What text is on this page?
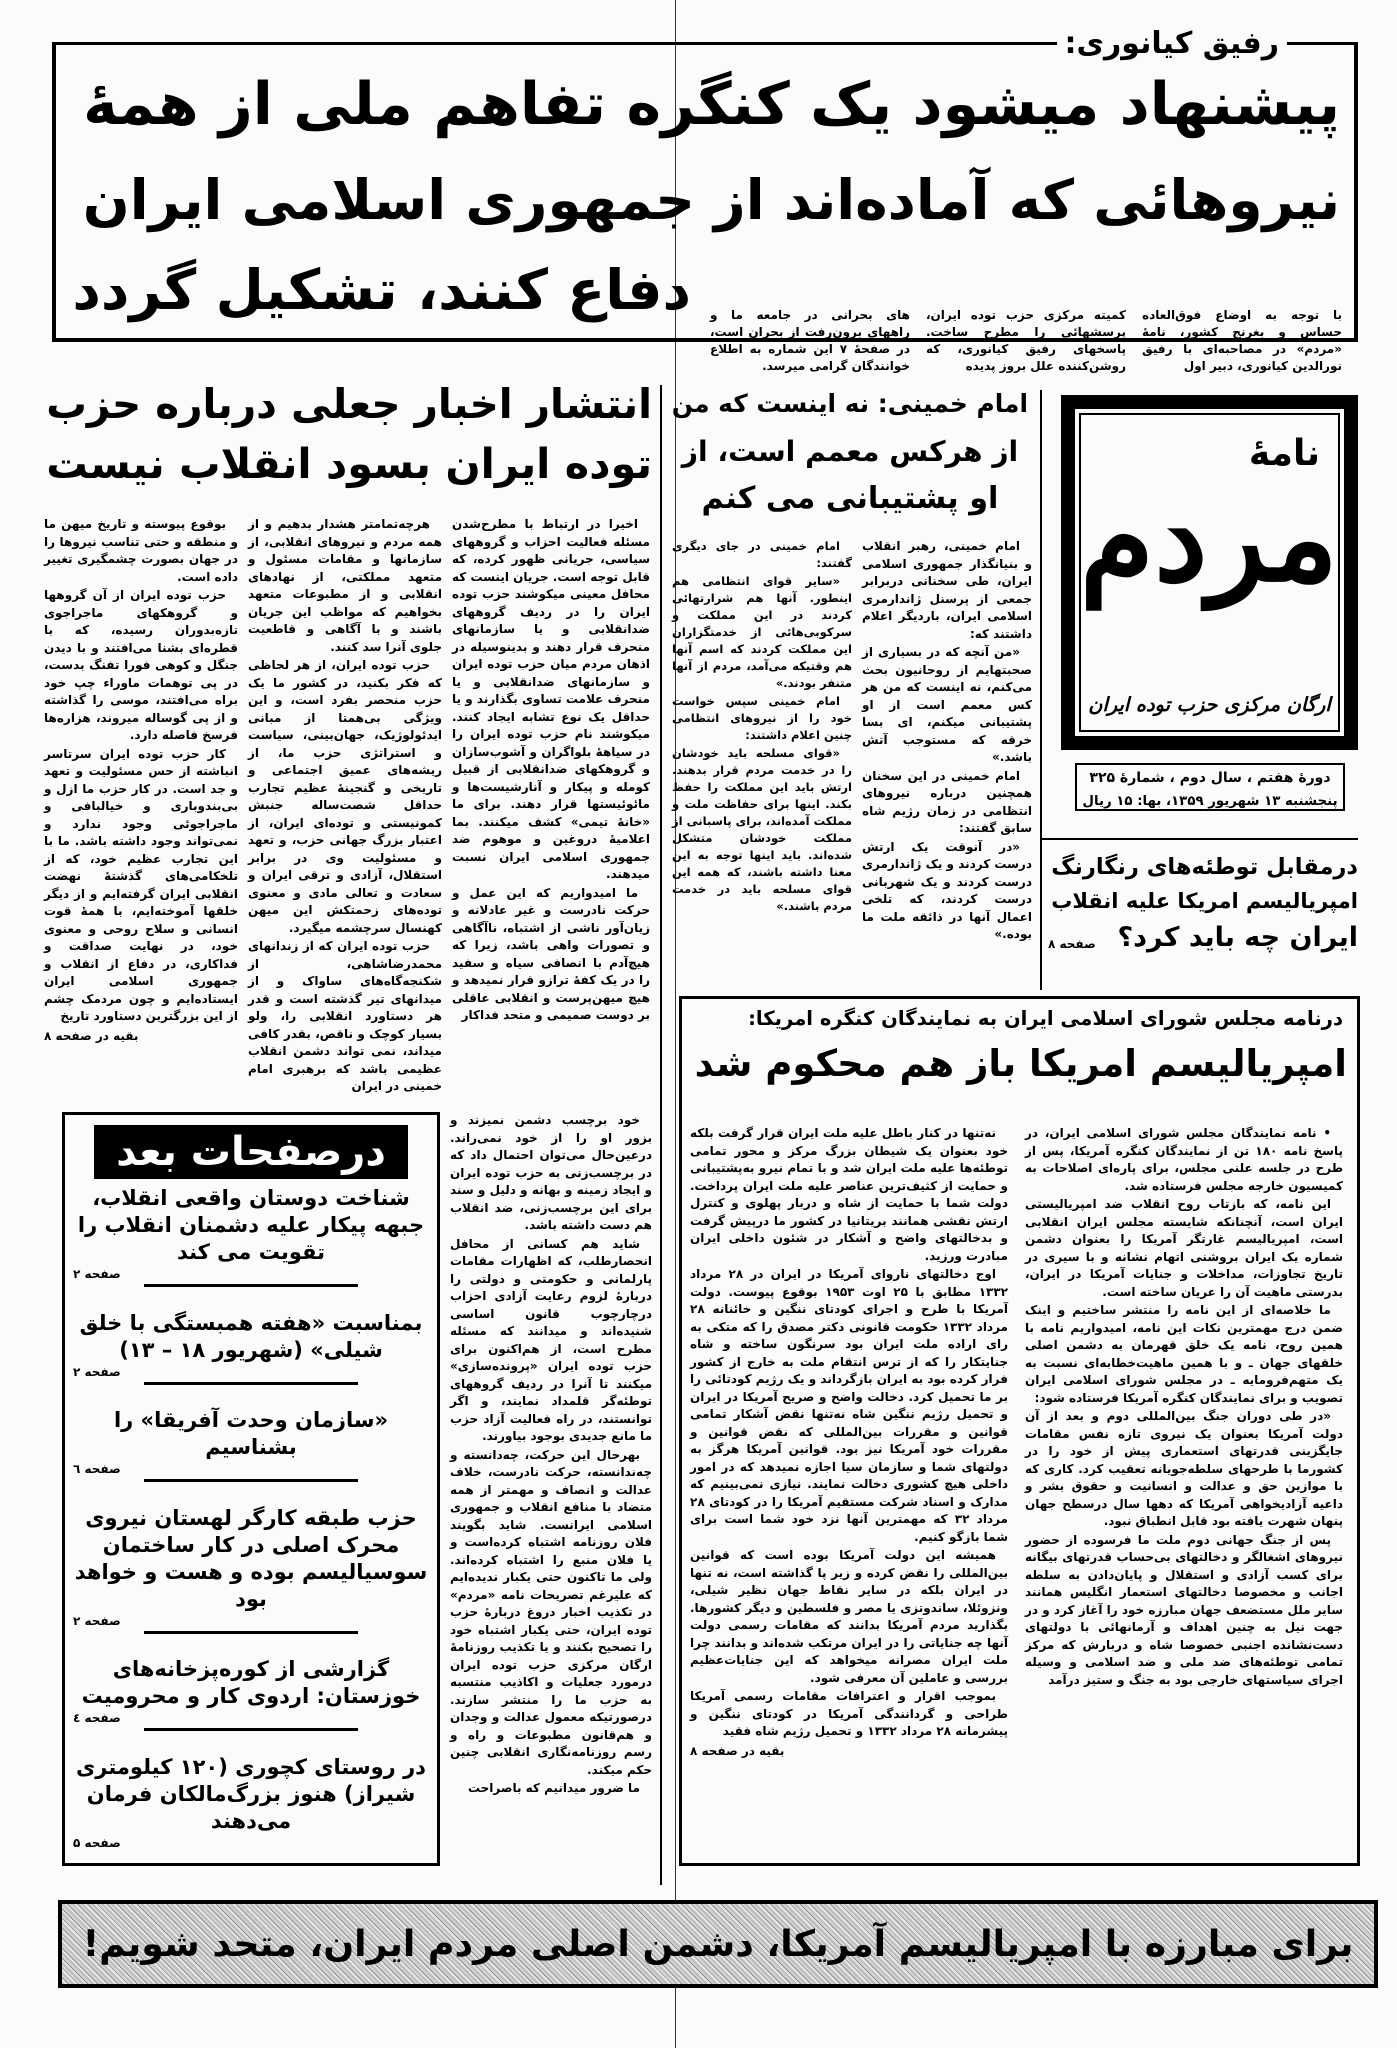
پیشنهاد میشود یک کنگره تفاهم ملی از همهٔ
نیروهائی که آماده‌اند از جمهوری اسلامی ایران
دفاع کنند، تشکیل گردد	با توجه به اوضاع فوق‌العاده حساس و بغرنج کشور، نامهٔ «مردم» در مصاحبه‌ای با رفیق نورالدین کیانوری، دبیر اول
کمیته مرکزی حزب توده ایران، پرسشهائی را مطرح ساخت. پاسخهای رفیق کیانوری، که روشن‌کننده علل بروز پدیده‌
های بحرانی در جامعه ما و راههای برون‌رفت از بحران است، در صفحهٔ ۷ این شماره به اطلاع خوانندگان گرامی میرسد.
رفیق کیانوری:
انتشار اخبار جعلی درباره حزب
توده ایران بسود انقلاب نیست

اخیرا در ارتباط با مطرح‌شدن مسئله فعالیت احزاب و گروههای سیاسی، جریانی ظهور کرده، که قابل توجه است. جریان اینست که محافل معینی میکوشند حزب توده ایران را در ردیف گروههای ضدانقلابی و یا سازمانهای منحرف قرار دهند و بدینوسیله در اذهان مردم میان حزب توده ایران و سازمانهای ضدانقلابی و یا منحرف علامت تساوی بگذارند و یا حداقل یک نوع تشابه ایجاد کنند. میکوشند نام حزب توده ایران را در سیاههٔ بلواگران و آشوب‌سازان و گروهکهای ضدانقلابی از قبیل کومله و پیکار و آنارشیست‌ها و مائوئیستها قرار دهند. برای ما «خانهٔ تیمی» کشف میکنند. بما اعلامیهٔ دروغین و موهوم ضد جمهوری اسلامی ایران نسبت میدهند.

ما امیدواریم که این عمل و حرکت نادرست و غیر عادلانه و زیان‌آور ناشی از اشتباه، ناآگاهی و تصورات واهی باشد، زیرا که هیچ‌آدم با انصافی سیاه و سفید را در یک کفهٔ ترازو قرار نمیدهد و هیچ میهن‌پرست و انقلابی عاقلی بر دوست صمیمی و متحد فداکار

هرچه‌تمامتر هشدار بدهیم و از همه مردم و نیروهای انقلابی، از سازمانها و مقامات مسئول و متعهد مملکتی، از نهادهای انقلابی و از مطبوعات متعهد بخواهیم که مواظب این جریان باشند و با آگاهی و قاطعیت جلوی آنرا سد کنند.

حزب توده ایران، از هر لحاظی که فکر بکنید، در کشور ما یک حزب منحصر بفرد است، و این ویژگی بی‌همتا از مبانی ایدئولوژیک، جهان‌بینی، سیاست و استراتژی حزب ما، از ریشه‌های عمیق اجتماعی و تاریخی و گنجینهٔ عظیم تجارب حداقل شصت‌ساله جنبش کمونیستی و توده‌ای ایران، از اعتبار بزرگ جهانی حزب، و تعهد و مسئولیت وی در برابر استقلال، آزادی و ترقی ایران و سعادت و تعالی مادی و معنوی توده‌های زحمتکش این میهن کهنسال سرچشمه میگیرد.

حزب توده ایران که از زندانهای محمدرضاشاهی، از شکنجه‌گاه‌های ساواک و از میدانهای تیر گذشته است و قدر هر دستاورد انقلابی را، ولو بسیار کوچک و ناقص، بقدر کافی میداند، نمی تواند دشمن انقلاب عظیمی باشد که برهبری امام خمینی در ایران

بوقوع پیوسته و تاریخ میهن ما و منطقه و حتی تناسب نیروها را در جهان بصورت چشمگیری تغییر داده است.

حزب توده ایران از آن گروهها و گروهکهای ماجراجوی تازه‌بدوران رسیده، که با قطره‌ای بشنا می‌افتند و با دیدن جنگل و کوهی فورا تفنگ بدست، در پی توهمات ماوراء چپ خود براه می‌افتند، موسی را گذاشته و از پی گوساله میروند، هزاره‌ها فرسخ فاصله دارد.

کار حزب توده ایران سرتاسر انباشته از حس مسئولیت و تعهد و جد است. در کار حزب ما ازل و بی‌بندوباری و خیالبافی و ماجراجوئی وجود ندارد و نمی‌تواند وجود داشته باشد. ما با این تجارب عظیم خود، که از تلخکامی‌های گذشتهٔ نهضت انقلابی ایران گرفته‌ایم و از دیگر خلقها آموخته‌ایم، با همهٔ قوت انسانی و سلاح روحی و معنوی خود، در نهایت صداقت و فداکاری، در دفاع از انقلاب و جمهوری اسلامی ایران ایستاده‌ایم و چون مردمک چشم از این بزرگترین دستاورد تاریخ

بقیه در صفحه ۸

خود برچسب دشمن نمیزند و بزور او را از خود نمی‌راند. درعین‌حال می‌توان احتمال داد که در برچسب‌زنی به حزب توده ایران و ایجاد زمینه و بهانه و دلیل و سند برای این برچسب‌زنی، ضد انقلاب هم دست داشته باشد.

شاید هم کسانی از محافل انحصارطلب، که اظهارات مقامات پارلمانی و حکومتی و دولتی را دربارهٔ لزوم رعایت آزادی احزاب درچارچوب قانون اساسی شنیده‌اند و میدانند که مسئله مطرح است، از هم‌اکنون برای حزب توده ایران «پرونده‌سازی» میکنند تا آنرا در ردیف گروههای توطئه‌گر قلمداد نمایند، و اگر توانستند، در راه فعالیت آزاد حزب ما مانع جدیدی بوجود بیاورند.

بهرحال این حرکت، چه‌دانسته و چه‌ندانسته، حرکت نادرست، خلاف عدالت و انصاف و مهمتر از همه متضاد با منافع انقلاب و جمهوری اسلامی ایرانست. شاید بگویند فلان روزنامه اشتباه کرده‌است و یا فلان منبع را اشتباه کرده‌اند. ولی ما تاکنون حتی یکبار ندیده‌ایم که علیرغم تصریحات نامه «مردم» در تکذیب اخبار دروغ دربارهٔ حزب توده ایران، حتی یکبار اشتباه خود را تصحیح بکنند و یا تکذیب روزنامهٔ ارگان مرکزی حزب توده ایران درمورد جعلیات و اکاذیب منتسبه به حزب ما را منتشر سازند. درصورتیکه معمول عدالت و وجدان و هم‌قانون مطبوعات و راه و رسم روزنامه‌نگاری انقلابی چنین حکم میکند.

ما ضرور میدانیم که باصراحت

امام خمینی: نه اینست که من
از هرکس معمم است، از
او پشتیبانی می کنم

امام خمینی، رهبر انقلاب و بنیانگذار جمهوری اسلامی ایران، طی سخنانی دربرابر جمعی از پرسنل ژاندارمری اسلامی ایران، باردیگر اعلام داشتند که:

«من آنچه که در بسیاری از صحبتهایم از روحانیون بحث می‌کنم، نه اینست که من هر کس معمم است از او پشتیبانی میکنم، ای بسا خرقه که مستوجب آتش باشد.»

امام خمینی در این سخنان همچنین درباره نیروهای انتظامی در زمان رژیم شاه سابق گفتند:

«در آنوقت یک ارتش درست کردند و یک ژاندارمری درست کردند و یک شهربانی درست کردند، که تلخی اعمال آنها در ذائقه ملت ما بوده.»

امام خمینی در جای دیگری گفتند:

«سایر قوای انتظامی هم اینطور. آنها هم شرارتهائی کردند در این مملکت و سرکوبی‌هائی از خدمتگزاران این مملکت کردند که اسم آنها هم وقتیکه می‌آمد، مردم از آنها متنفر بودند.»

امام خمینی سپس خواست خود را از نیروهای انتظامی چنین اعلام داشتند:

«قوای مسلحه باید خودشان را در خدمت مردم قرار بدهند. ارتش باید این مملکت را حفظ بکند. اینها برای حفاظت ملت و مملکت آمده‌اند، برای پاسبانی از مملکت خودشان متشکل شده‌اند. باید اینها توجه به این معنا داشته باشند، که همه این قوای مسلحه باید در خدمت مردم باشند.»

نامهٔ
مردم
ارگان مرکزی حزب توده ایران
دورهٔ هفتم ، سال دوم ، شمارهٔ ۳۲۵
پنجشنبه ۱۳ شهریور ۱۳۵۹، بها: ۱۵ ریال
درمقابل توطئه‌های رنگارنگ
امپریالیسم امریکا علیه انقلاب
ایران چه باید کرد؟
صفحه ۸
درنامه مجلس شورای اسلامی ایران به نمایندگان کنگره امریکا:
امپریالیسم امریکا باز هم محکوم شد

• نامه نمایندگان مجلس شورای اسلامی ایران، در پاسخ نامه ۱۸۰ تن از نمایندگان کنگره آمریکا، پس از طرح در جلسه علنی مجلس، برای پاره‌ای اصلاحات به کمیسیون خارجه مجلس فرستاده شد.

این نامه، که بازتاب روح انقلاب ضد امپریالیستی ایران است، آنچنانکه شایسته مجلس ایران انقلابی است، امپریالیسم غارتگر آمریکا را بعنوان دشمن شماره یک ایران بروشنی اتهام نشانه و با سیری در تاریخ تجاوزات، مداخلات و جنایات آمریکا در ایران، بدرستی ماهیت آن را عریان ساخته است.

ما خلاصه‌ای از این نامه را منتشر ساختیم و اینک ضمن درج مهمترین نکات این نامه، امیدواریم نامه با همین روح، نامه یک خلق قهرمان به دشمن اصلی خلقهای جهان ـ و با همین ماهیت‌خطابه‌ای نسبت به یک متهم‌فرومایه ـ در مجلس شورای اسلامی ایران تصویب و برای نمایندگان کنگره آمریکا فرستاده شود:

«در طی دوران جنگ بین‌المللی دوم و بعد از آن دولت آمریکا بعنوان یک نیروی تازه نفس مقامات جایگزینی قدرتهای استعماری پیش از خود را در کشورما با طرحهای سلطه‌جویانه تعقیب کرد. کاری که با موازین حق و عدالت و انسانیت و حقوق بشر و داعیه آزادیخواهی آمریکا که دهها سال درسطح جهان پنهان شهرت یافته بود قابل انطباق نبود.

پس از جنگ جهانی دوم ملت ما فرسوده از حضور نیروهای اشغالگر و دخالتهای بی‌حساب قدرتهای بیگانه برای کسب آزادی و استقلال و پایان‌دادن به سلطه اجانب و مخصوصا دخالتهای استعمار انگلیس همانند سایر ملل مستضعف جهان مبارزه خود را آغاز کرد و در جهت نیل به چنین اهداف و آرمانهائی با دولتهای دست‌نشانده اجنبی خصوصا شاه و دربارش که مرکز تمامی توطئه‌های ضد ملی و ضد اسلامی و وسیله اجرای سیاستهای خارجی بود به جنگ و ستیز درآمد

نه‌تنها در کنار باطل علیه ملت ایران قرار گرفت بلکه خود بعنوان یک شیطان بزرگ مرکز و محور تمامی توطئه‌ها علیه ملت ایران شد و با تمام نیرو به‌پشتیبانی و حمایت از کثیف‌ترین عناصر علیه ملت ایران پرداخت. دولت شما با حمایت از شاه و دربار پهلوی و کنترل ارتش نقشی همانند بریتانیا در کشور ما درپیش گرفت و بدخالتهای واضح و آشکار در شئون داخلی ایران مبادرت ورزید.

اوج دخالتهای ناروای آمریکا در ایران در ۲۸ مرداد ۱۳۳۲ مطابق با ۲۵ اوت ۱۹۵۳ بوقوع پیوست. دولت آمریکا با طرح و اجرای کودتای ننگین و خائنانه ۲۸ مرداد ۱۳۳۲ حکومت قانونی دکتر مصدق را که متکی به رای اراده ملت ایران بود سرنگون ساخته و شاه جنایتکار را که از ترس انتقام ملت به خارج از کشور فرار کرده بود به ایران بازگرداند و یک رژیم کودتائی را بر ما تحمیل کرد. دخالت واضح و صریح آمریکا در ایران و تحمیل رژیم ننگین شاه نه‌تنها نقض آشکار تمامی قوانین و مقررات بین‌المللی که نقض قوانین و مقررات خود آمریکا نیز بود. قوانین آمریکا هرگز به دولتهای شما و سازمان سیا اجازه نمیدهد که در امور داخلی هیچ کشوری دخالت نمایند. نیازی نمی‌بینیم که مدارک و اسناد شرکت مستقیم آمریکا را در کودتای ۲۸ مرداد ۳۲ که مهمترین آنها نزد خود شما است برای شما بازگو کنیم.

همیشه این دولت آمریکا بوده است که قوانین بین‌المللی را نقض کرده و زیر پا گذاشته است، نه تنها در ایران بلکه در سایر نقاط جهان نظیر شیلی، ونزوئلا، ساندوتزی یا مصر و فلسطین و دیگر کشورها. بگذارید مردم آمریکا بدانند که مقامات رسمی دولت آنها چه جنایاتی را در ایران مرتکب شده‌اند و بدانند چرا ملت ایران مصرانه میخواهد که این جنایات‌عظیم بررسی و عاملین آن معرفی شود.

بموجب اقرار و اعترافات مقامات رسمی آمریکا طراحی و گردانندگی آمریکا در کودتای ننگین و پیشرمانه ۲۸ مرداد ۱۳۳۲ و تحمیل رژیم شاه فقید

بقیه در صفحه ۸
درصفحات بعد
شناخت دوستان واقعی انقلاب، جبهه پیکار علیه دشمنان انقلاب را تقویت می کند
صفحه ۲
بمناسبت «هفته همبستگی با خلق شیلی» (شهریور ۱۸ – ۱۳)
صفحه ۲
«سازمان وحدت آفریقا» را بشناسیم
صفحه ٦
حزب طبقه کارگر لهستان نیروی محرک اصلی در کار ساختمان سوسیالیسم بوده و هست و خواهد بود
صفحه ۲
گزارشی از کوره‌پزخانه‌های خوزستان: اردوی کار و محرومیت
صفحه ٤
در روستای کچوری (۱۲۰ کیلومتری شیراز) هنوز بزرگ‌مالکان فرمان می‌دهند
صفحه ۵
برای مبارزه با امپریالیسم آمریکا، دشمن اصلی مردم ایران، متحد شویم!
